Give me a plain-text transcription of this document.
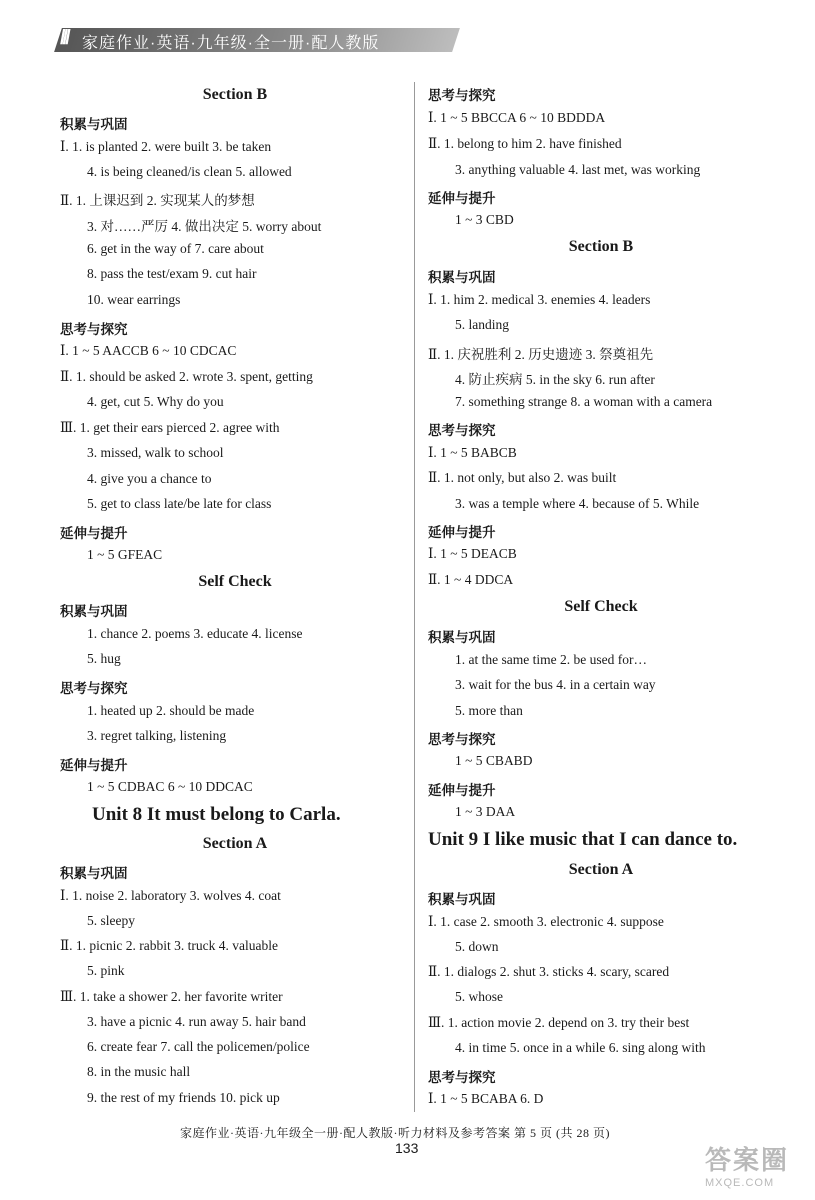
/// 家庭作业·英语·九年级·全一册·配人教版
Section B
积累与巩固
Ⅰ. 1. is planted 2. were built 3. be taken
4. is being cleaned/is clean 5. allowed
Ⅱ. 1. 上课迟到 2. 实现某人的梦想
3. 对……严厉 4. 做出决定 5. worry about
6. get in the way of 7. care about
8. pass the test/exam 9. cut hair
10. wear earrings
思考与探究
Ⅰ. 1 ~ 5 AACCB 6 ~ 10 CDCAC
Ⅱ. 1. should be asked 2. wrote 3. spent, getting
4. get, cut 5. Why do you
Ⅲ. 1. get their ears pierced 2. agree with
3. missed, walk to school
4. give you a chance to
5. get to class late/be late for class
延伸与提升
1 ~ 5 GFEAC
Self Check
积累与巩固
1. chance 2. poems 3. educate 4. license
5. hug
思考与探究
1. heated up 2. should be made
3. regret talking, listening
延伸与提升
1 ~ 5 CDBAC 6 ~ 10 DDCAC
Unit 8 It must belong to Carla.
Section A
积累与巩固
Ⅰ. 1. noise 2. laboratory 3. wolves 4. coat
5. sleepy
Ⅱ. 1. picnic 2. rabbit 3. truck 4. valuable
5. pink
Ⅲ. 1. take a shower 2. her favorite writer
3. have a picnic 4. run away 5. hair band
6. create fear 7. call the policemen/police
8. in the music hall
9. the rest of my friends 10. pick up
思考与探究
Ⅰ. 1 ~ 5 BBCCA 6 ~ 10 BDDDA
Ⅱ. 1. belong to him 2. have finished
3. anything valuable 4. last met, was working
延伸与提升
1 ~ 3 CBD
Section B
积累与巩固
Ⅰ. 1. him 2. medical 3. enemies 4. leaders
5. landing
Ⅱ. 1. 庆祝胜利 2. 历史遗迹 3. 祭奠祖先
4. 防止疾病 5. in the sky 6. run after
7. something strange 8. a woman with a camera
思考与探究
Ⅰ. 1 ~ 5 BABCB
Ⅱ. 1. not only, but also 2. was built
3. was a temple where 4. because of 5. While
延伸与提升
Ⅰ. 1 ~ 5 DEACB
Ⅱ. 1 ~ 4 DDCA
Self Check
积累与巩固
1. at the same time 2. be used for…
3. wait for the bus 4. in a certain way
5. more than
思考与探究
1 ~ 5 CBABD
延伸与提升
1 ~ 3 DAA
Unit 9 I like music that I can dance to.
Section A
积累与巩固
Ⅰ. 1. case 2. smooth 3. electronic 4. suppose
5. down
Ⅱ. 1. dialogs 2. shut 3. sticks 4. scary, scared
5. whose
Ⅲ. 1. action movie 2. depend on 3. try their best
4. in time 5. once in a while 6. sing along with
思考与探究
Ⅰ. 1 ~ 5 BCABA 6. D
家庭作业·英语·九年级全一册·配人教版·听力材料及参考答案 第 5 页 (共 28 页)
133	答案圈
MXQE.COM
